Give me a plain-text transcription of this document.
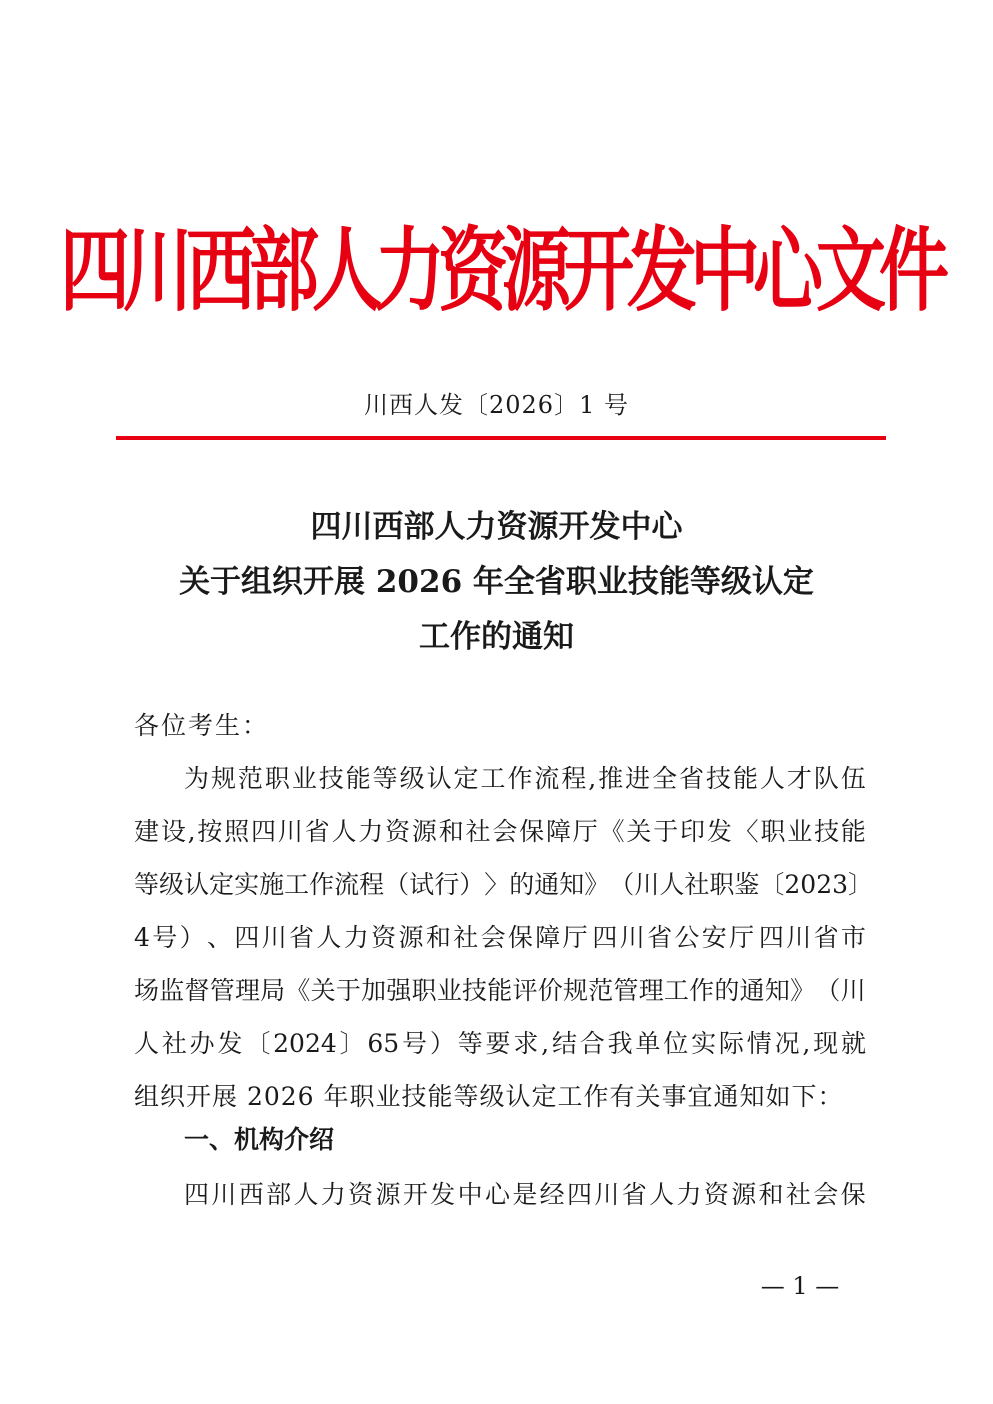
四川西部人力资源开发中心文件
川西人发〔2026〕1 号
四川西部人力资源开发中心
关于组织开展 2026 年全省职业技能等级认定
工作的通知
各位考生：
为 规 范 职 业 技 能 等 级 认 定 工 作 流 程 , 推 进 全 省 技 能 人 才 队 伍
建 设 , 按 照 四 川 省 人 力 资 源 和 社 会 保 障 厅 《 关 于 印 发 〈 职 业 技 能
等 级 认 定 实 施 工 作 流 程 （ 试 行 ） 〉 的 通 知 》 （ 川 人 社 职 鉴 〔 2023 〕
4 号 ） 、 四 川 省 人 力 资 源 和 社 会 保 障 厅 四 川 省 公 安 厅 四 川 省 市
场 监 督 管 理 局 《 关 于 加 强 职 业 技 能 评 价 规 范 管 理 工 作 的 通 知 》 （ 川
人 社 办 发 〔 2024 〕 65 号 ） 等 要 求 , 结 合 我 单 位 实 际 情 况 , 现 就
组织开展 2026 年职业技能等级认定工作有关事宜通知如下：
一、机构介绍
四 川 西 部 人 力 资 源 开 发 中 心 是 经 四 川 省 人 力 资 源 和 社 会 保
— 1 —
